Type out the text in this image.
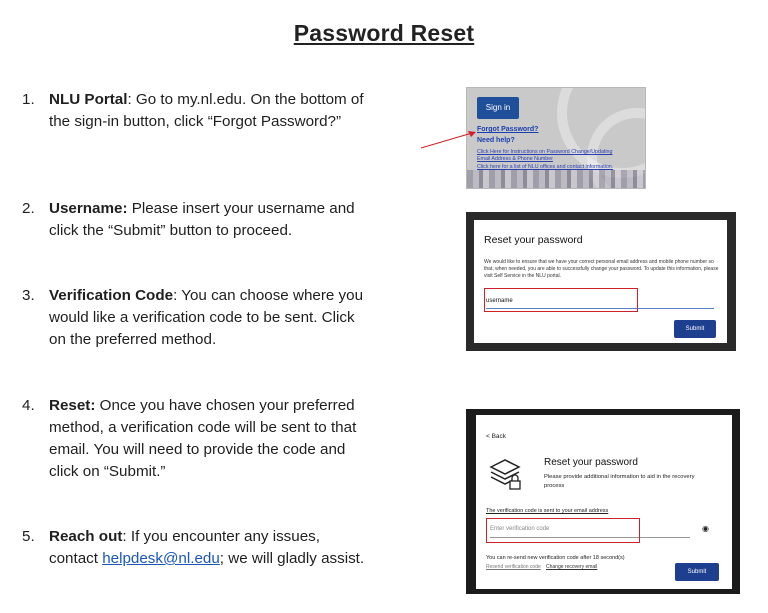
Password Reset
1. NLU Portal: Go to my.nl.edu. On the bottom of the sign-in button, click “Forgot Password?”
2. Username: Please insert your username and click the “Submit” button to proceed.
3. Verification Code: You can choose where you would like a verification code to be sent. Click on the preferred method.
4. Reset: Once you have chosen your preferred method, a verification code will be sent to that email. You will need to provide the code and click on “Submit.”
5. Reach out: If you encounter any issues, contact helpdesk@nl.edu; we will gladly assist.
Sign in
Forgot Password?
Need help?
Click Here for Instructions on Password Change/Updating
Email Address & Phone Number
Click here for a list of NLU offices and contact information.
Reset your password
We would like to ensure that we have your correct personal email address and mobile phone number so that, when needed, you are able to successfully change your password. To update this information, please visit Self Service in the NLU portal.
username
Submit
< Back
Reset your password
Please provide additional information to aid in the recovery process
The verification code is sent to your email address
Enter verification code	◉
You can re-send new verification code after 18 second(s)
Resend verification code Change recovery email
Submit
